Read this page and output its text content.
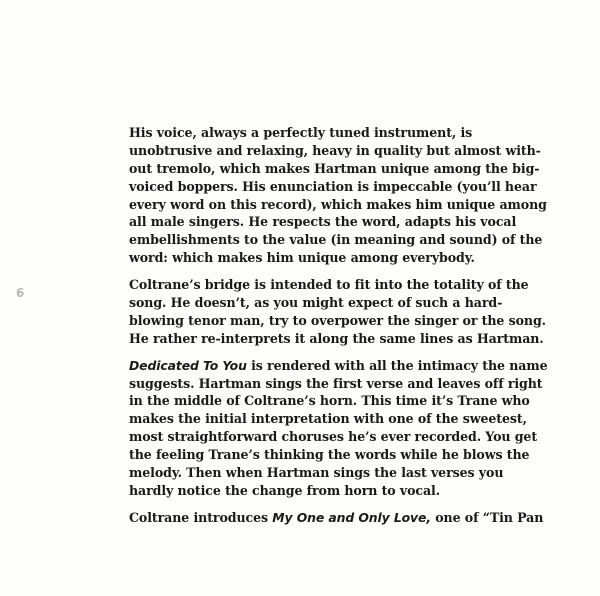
6
His voice, always a perfectly tuned instrument, is
unobtrusive and relaxing, heavy in quality but almost with-
out tremolo, which makes Hartman unique among the big-
voiced boppers. His enunciation is impeccable (you’ll hear
every word on this record), which makes him unique among
all male singers. He respects the word, adapts his vocal
embellishments to the value (in meaning and sound) of the
word: which makes him unique among everybody.
Coltrane’s bridge is intended to fit into the totality of the
song. He doesn’t, as you might expect of such a hard-
blowing tenor man, try to overpower the singer or the song.
He rather re-interprets it along the same lines as Hartman.
Dedicated To You is rendered with all the intimacy the name
suggests. Hartman sings the first verse and leaves off right
in the middle of Coltrane’s horn. This time it’s Trane who
makes the initial interpretation with one of the sweetest,
most straightforward choruses he’s ever recorded. You get
the feeling Trane’s thinking the words while he blows the
melody. Then when Hartman sings the last verses you
hardly notice the change from horn to vocal.
Coltrane introduces My One and Only Love, one of “Tin Pan
